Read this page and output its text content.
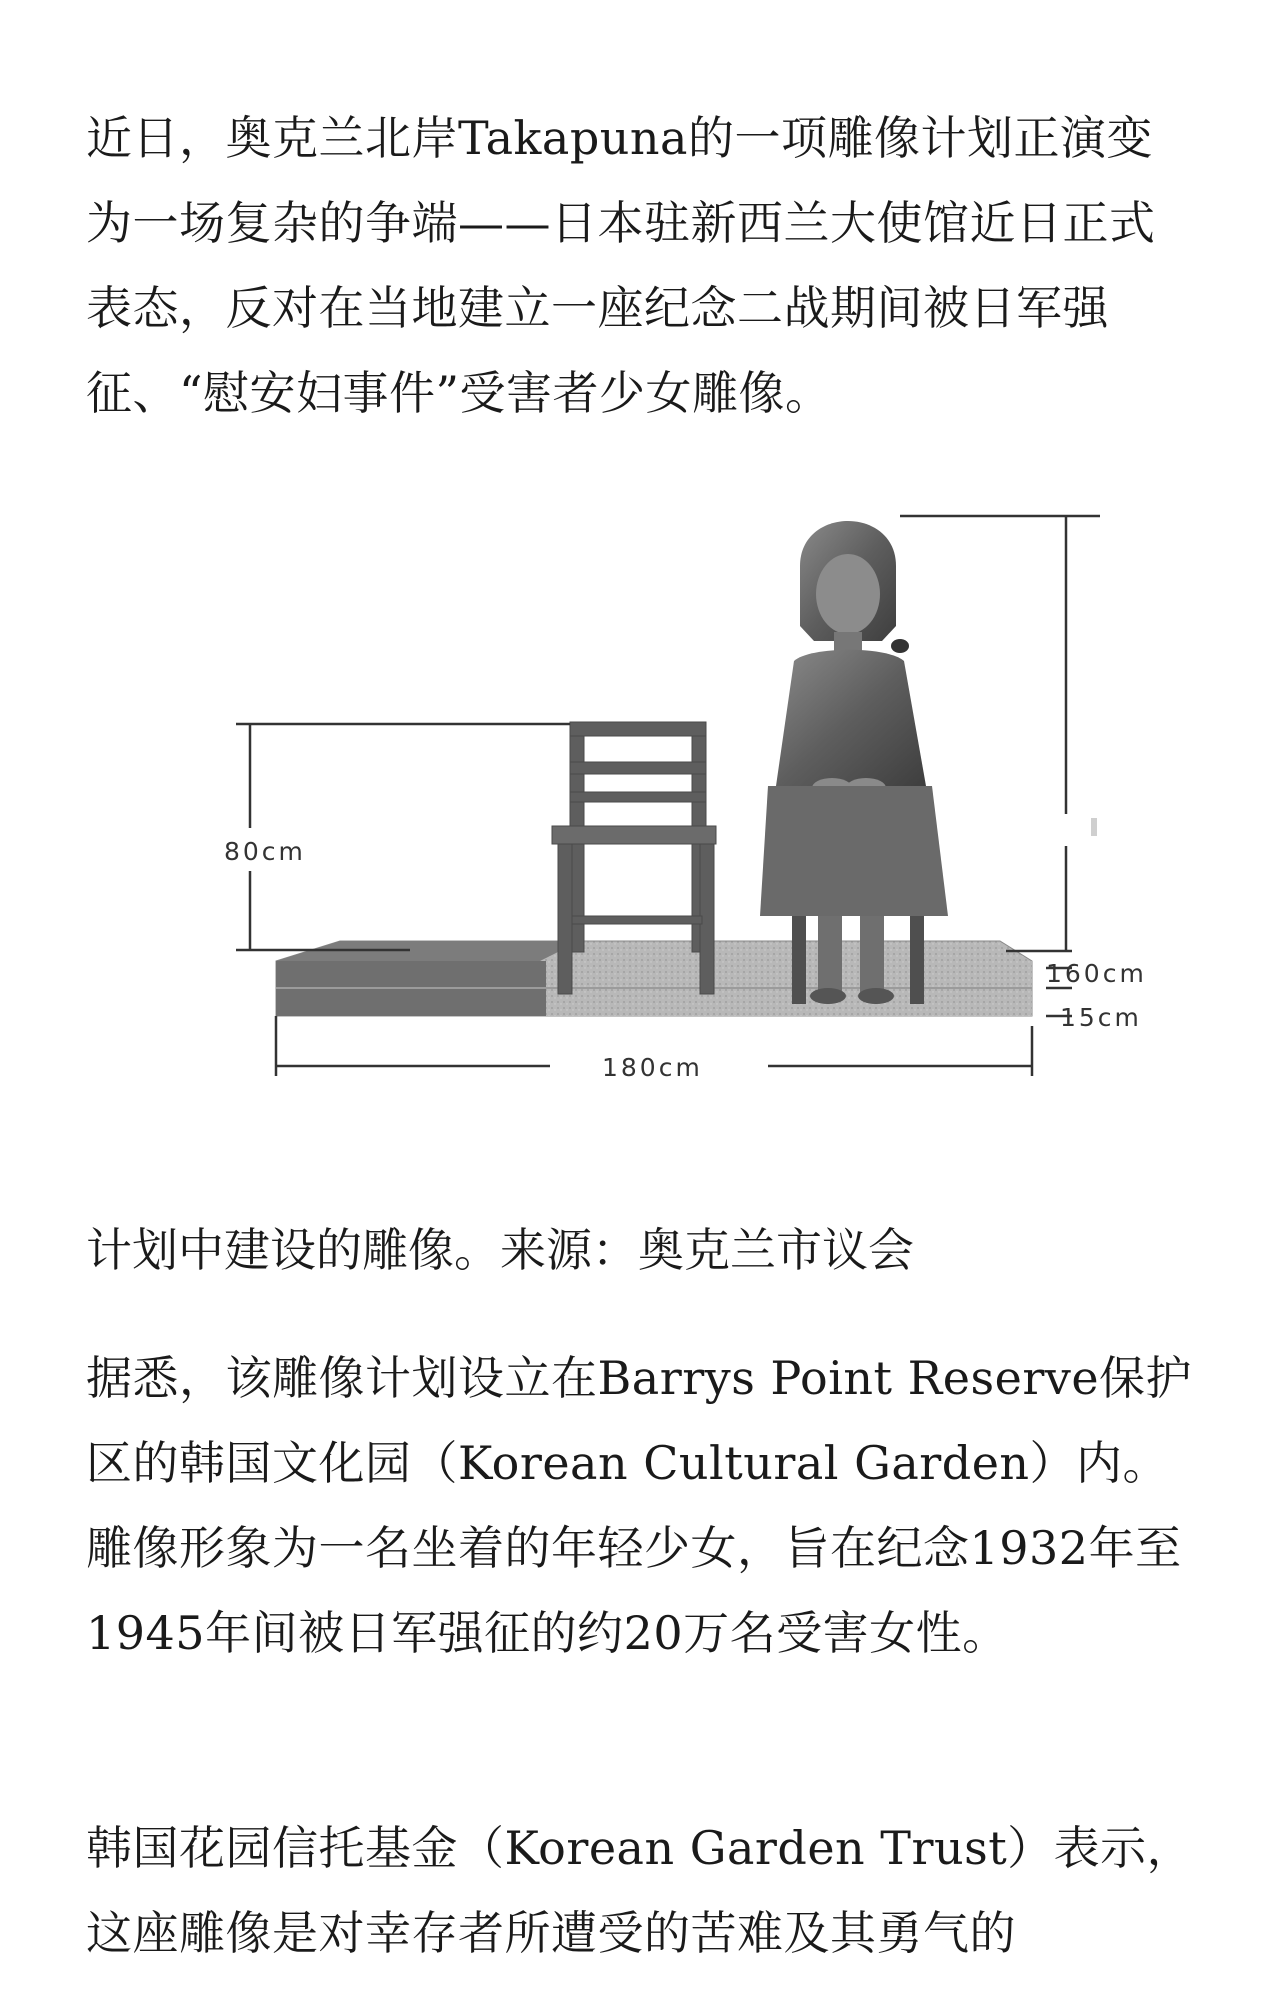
近日，奥克兰北岸Takapuna的一项雕像计划正演变为一场复杂的争端——日本驻新西兰大使馆近日正式表态，反对在当地建立一座纪念二战期间被日军强征、“慰安妇事件”受害者少女雕像。

80cm
160cm
15cm
180cm

计划中建设的雕像。来源：奥克兰市议会

据悉，该雕像计划设立在Barrys Point Reserve保护区的韩国文化园（Korean Cultural Garden）内。雕像形象为一名坐着的年轻少女，旨在纪念1932年至1945年间被日军强征的约20万名受害女性。

韩国花园信托基金（Korean Garden Trust）表示，这座雕像是对幸存者所遭受的苦难及其勇气的
